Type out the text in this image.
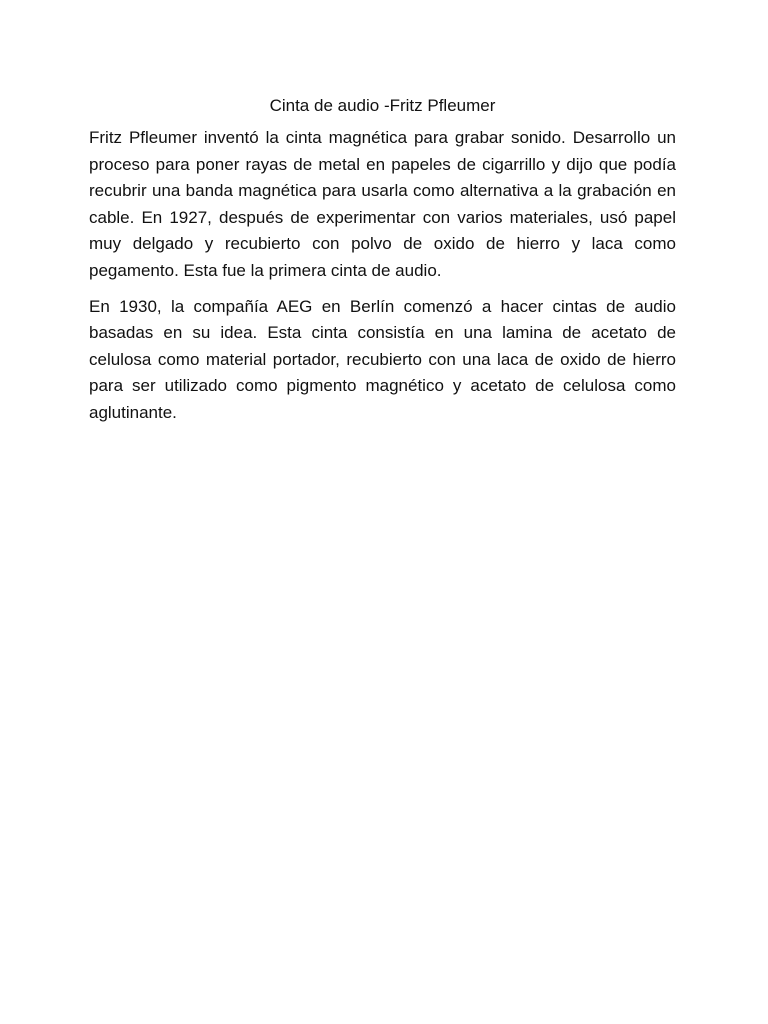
Cinta de audio -Fritz Pfleumer

Fritz Pfleumer inventó la cinta magnética para grabar sonido. Desarrollo un proceso para poner rayas de metal en papeles de cigarrillo y dijo que podía recubrir una banda magnética para usarla como alternativa a la grabación en cable. En 1927, después de experimentar con varios materiales, usó papel muy delgado y recubierto con polvo de oxido de hierro y laca como pegamento. Esta fue la primera cinta de audio.

En 1930, la compañía AEG en Berlín comenzó a hacer cintas de audio basadas en su idea. Esta cinta consistía en una lamina de acetato de celulosa como material portador, recubierto con una laca de oxido de hierro para ser utilizado como pigmento magnético y acetato de celulosa como aglutinante.
